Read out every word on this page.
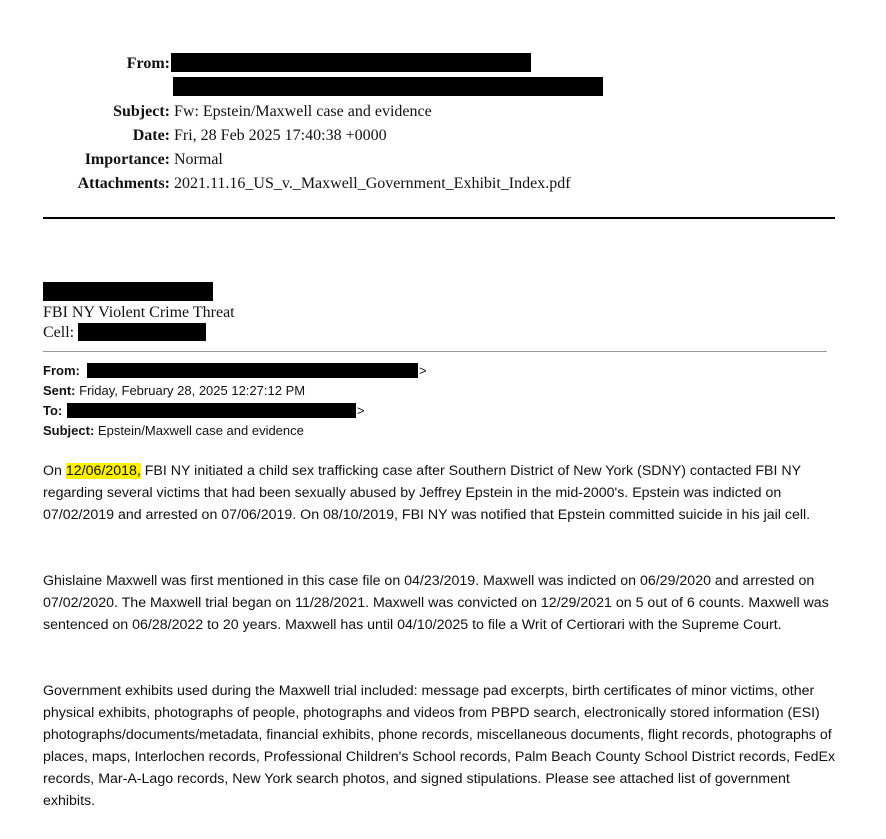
From:
Subject: Fw: Epstein/Maxwell case and evidence
Date: Fri, 28 Feb 2025 17:40:38 +0000
Importance: Normal
Attachments: 2021.11.16_US_v._Maxwell_Government_Exhibit_Index.pdf
FBI NY Violent Crime Threat
Cell:
From:	>
Sent: Friday, February 28, 2025 12:27:12 PM
To:	>
Subject: Epstein/Maxwell case and evidence

On 12/06/2018, FBI NY initiated a child sex trafficking case after Southern District of New York (SDNY) contacted FBI NY regarding several victims that had been sexually abused by Jeffrey Epstein in the mid-2000's. Epstein was indicted on 07/02/2019 and arrested on 07/06/2019. On 08/10/2019, FBI NY was notified that Epstein committed suicide in his jail cell.

Ghislaine Maxwell was first mentioned in this case file on 04/23/2019. Maxwell was indicted on 06/29/2020 and arrested on 07/02/2020. The Maxwell trial began on 11/28/2021. Maxwell was convicted on 12/29/2021 on 5 out of 6 counts. Maxwell was sentenced on 06/28/2022 to 20 years. Maxwell has until 04/10/2025 to file a Writ of Certiorari with the Supreme Court.

Government exhibits used during the Maxwell trial included: message pad excerpts, birth certificates of minor victims, other physical exhibits, photographs of people, photographs and videos from PBPD search, electronically stored information (ESI) photographs/documents/metadata, financial exhibits, phone records, miscellaneous documents, flight records, photographs of places, maps, Interlochen records, Professional Children's School records, Palm Beach County School District records, FedEx records, Mar-A-Lago records, New York search photos, and signed stipulations. Please see attached list of government exhibits.
